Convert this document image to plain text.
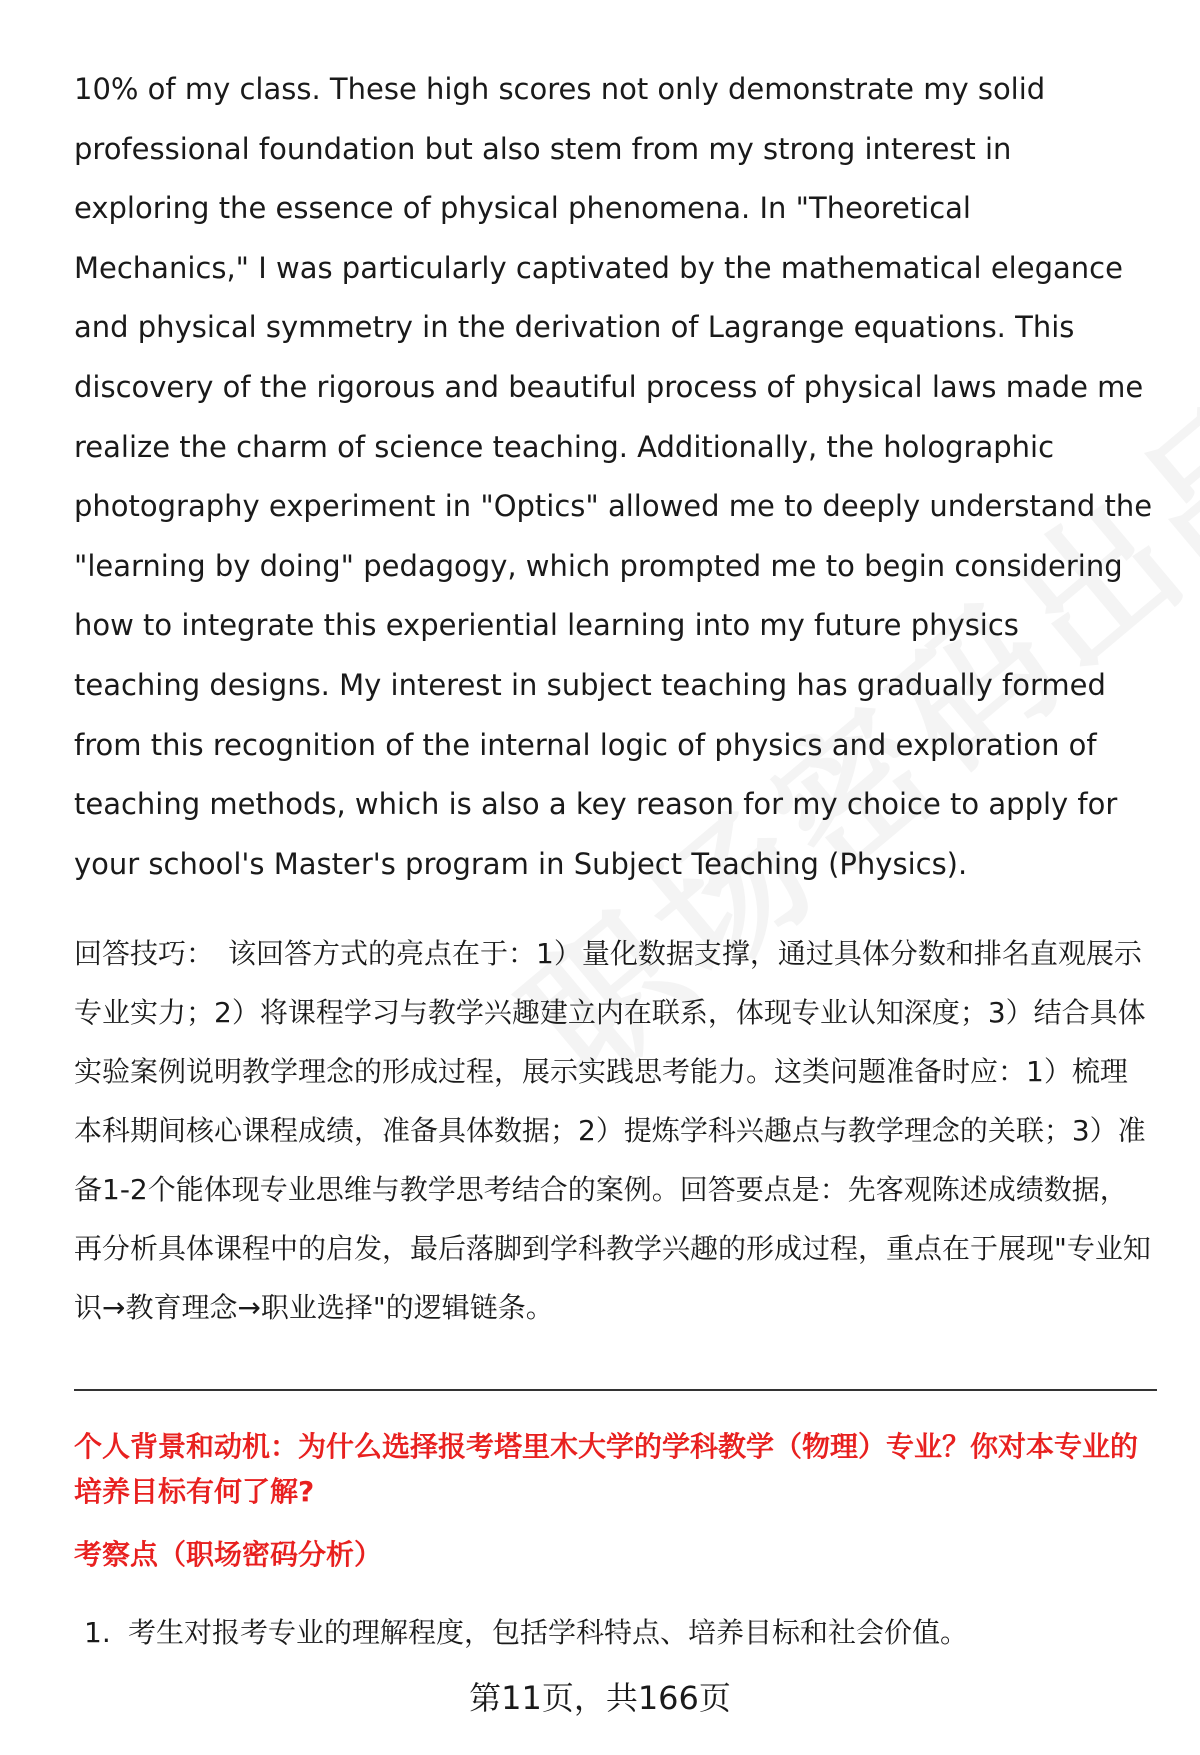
10% of my class. These high scores not only demonstrate my solid professional foundation but also stem from my strong interest in exploring the essence of physical phenomena. In "Theoretical Mechanics," I was particularly captivated by the mathematical elegance and physical symmetry in the derivation of Lagrange equations. This discovery of the rigorous and beautiful process of physical laws made me realize the charm of science teaching. Additionally, the holographic photography experiment in "Optics" allowed me to deeply understand the "learning by doing" pedagogy, which prompted me to begin considering how to integrate this experiential learning into my future physics teaching designs. My interest in subject teaching has gradually formed from this recognition of the internal logic of physics and exploration of teaching methods, which is also a key reason for my choice to apply for your school's Master's program in Subject Teaching (Physics).

回答技巧： 该回答方式的亮点在于：1）量化数据支撑，通过具体分数和排名直观展示专业实力；2）将课程学习与教学兴趣建立内在联系，体现专业认知深度；3）结合具体实验案例说明教学理念的形成过程，展示实践思考能力。这类问题准备时应：1）梳理本科期间核心课程成绩，准备具体数据；2）提炼学科兴趣点与教学理念的关联；3）准备1-2个能体现专业思维与教学思考结合的案例。回答要点是：先客观陈述成绩数据，再分析具体课程中的启发，最后落脚到学科教学兴趣的形成过程，重点在于展现"专业知识→教育理念→职业选择"的逻辑链条。

个人背景和动机：为什么选择报考塔里木大学的学科教学（物理）专业？你对本专业的培养目标有何了解?

考察点（职场密码分析）

1. 考生对报考专业的理解程度，包括学科特点、培养目标和社会价值。

第11页，共166页
